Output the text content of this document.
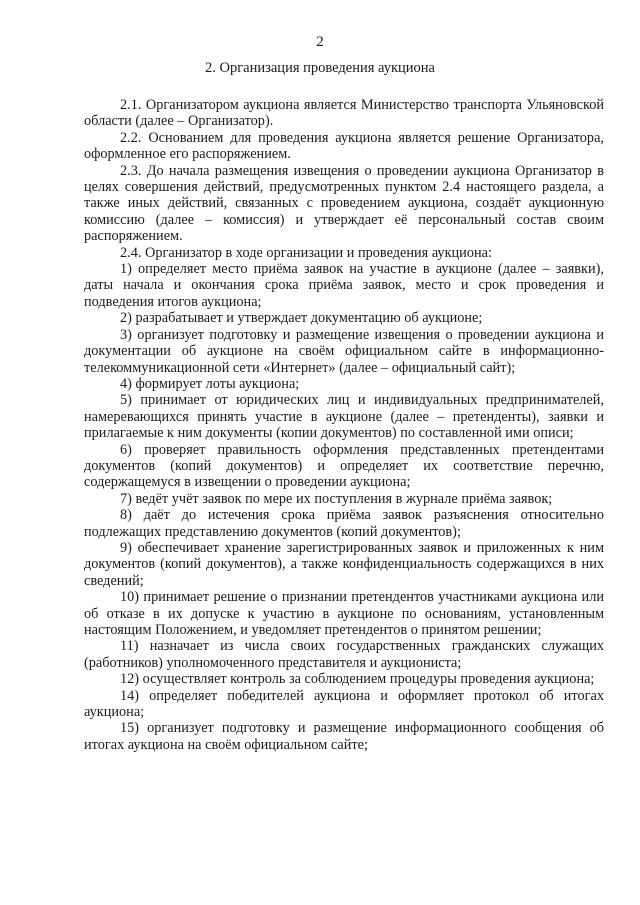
2
2. Организация проведения аукциона

2.1. Организатором аукциона является Министерство транспорта Ульяновской области (далее – Организатор).

2.2. Основанием для проведения аукциона является решение Организатора, оформленное его распоряжением.

2.3. До начала размещения извещения о проведении аукциона Организатор в целях совершения действий, предусмотренных пунктом 2.4 настоящего раздела, а также иных действий, связанных с проведением аукциона, создаёт аукционную комиссию (далее – комиссия) и утверждает её персональный состав своим распоряжением.

2.4. Организатор в ходе организации и проведения аукциона:

1) определяет место приёма заявок на участие в аукционе (далее – заявки), даты начала и окончания срока приёма заявок, место и срок проведения и подведения итогов аукциона;

2) разрабатывает и утверждает документацию об аукционе;

3) организует подготовку и размещение извещения о проведении аукциона и документации об аукционе на своём официальном сайте в информационно-телекоммуникационной сети «Интернет» (далее – официальный сайт);

4) формирует лоты аукциона;

5) принимает от юридических лиц и индивидуальных предпринимателей, намеревающихся принять участие в аукционе (далее – претенденты), заявки и прилагаемые к ним документы (копии документов) по составленной ими описи;

6) проверяет правильность оформления представленных претендентами документов (копий документов) и определяет их соответствие перечню, содержащемуся в извещении о проведении аукциона;

7) ведёт учёт заявок по мере их поступления в журнале приёма заявок;

8) даёт до истечения срока приёма заявок разъяснения относительно подлежащих представлению документов (копий документов);

9) обеспечивает хранение зарегистрированных заявок и приложенных к ним документов (копий документов), а также конфиденциальность содержащихся в них сведений;

10) принимает решение о признании претендентов участниками аукциона или об отказе в их допуске к участию в аукционе по основаниям, установленным настоящим Положением, и уведомляет претендентов о принятом решении;

11) назначает из числа своих государственных гражданских служащих (работников) уполномоченного представителя и аукциониста;

12) осуществляет контроль за соблюдением процедуры проведения аукциона;

14) определяет победителей аукциона и оформляет протокол об итогах аукциона;

15) организует подготовку и размещение информационного сообщения об итогах аукциона на своём официальном сайте;
